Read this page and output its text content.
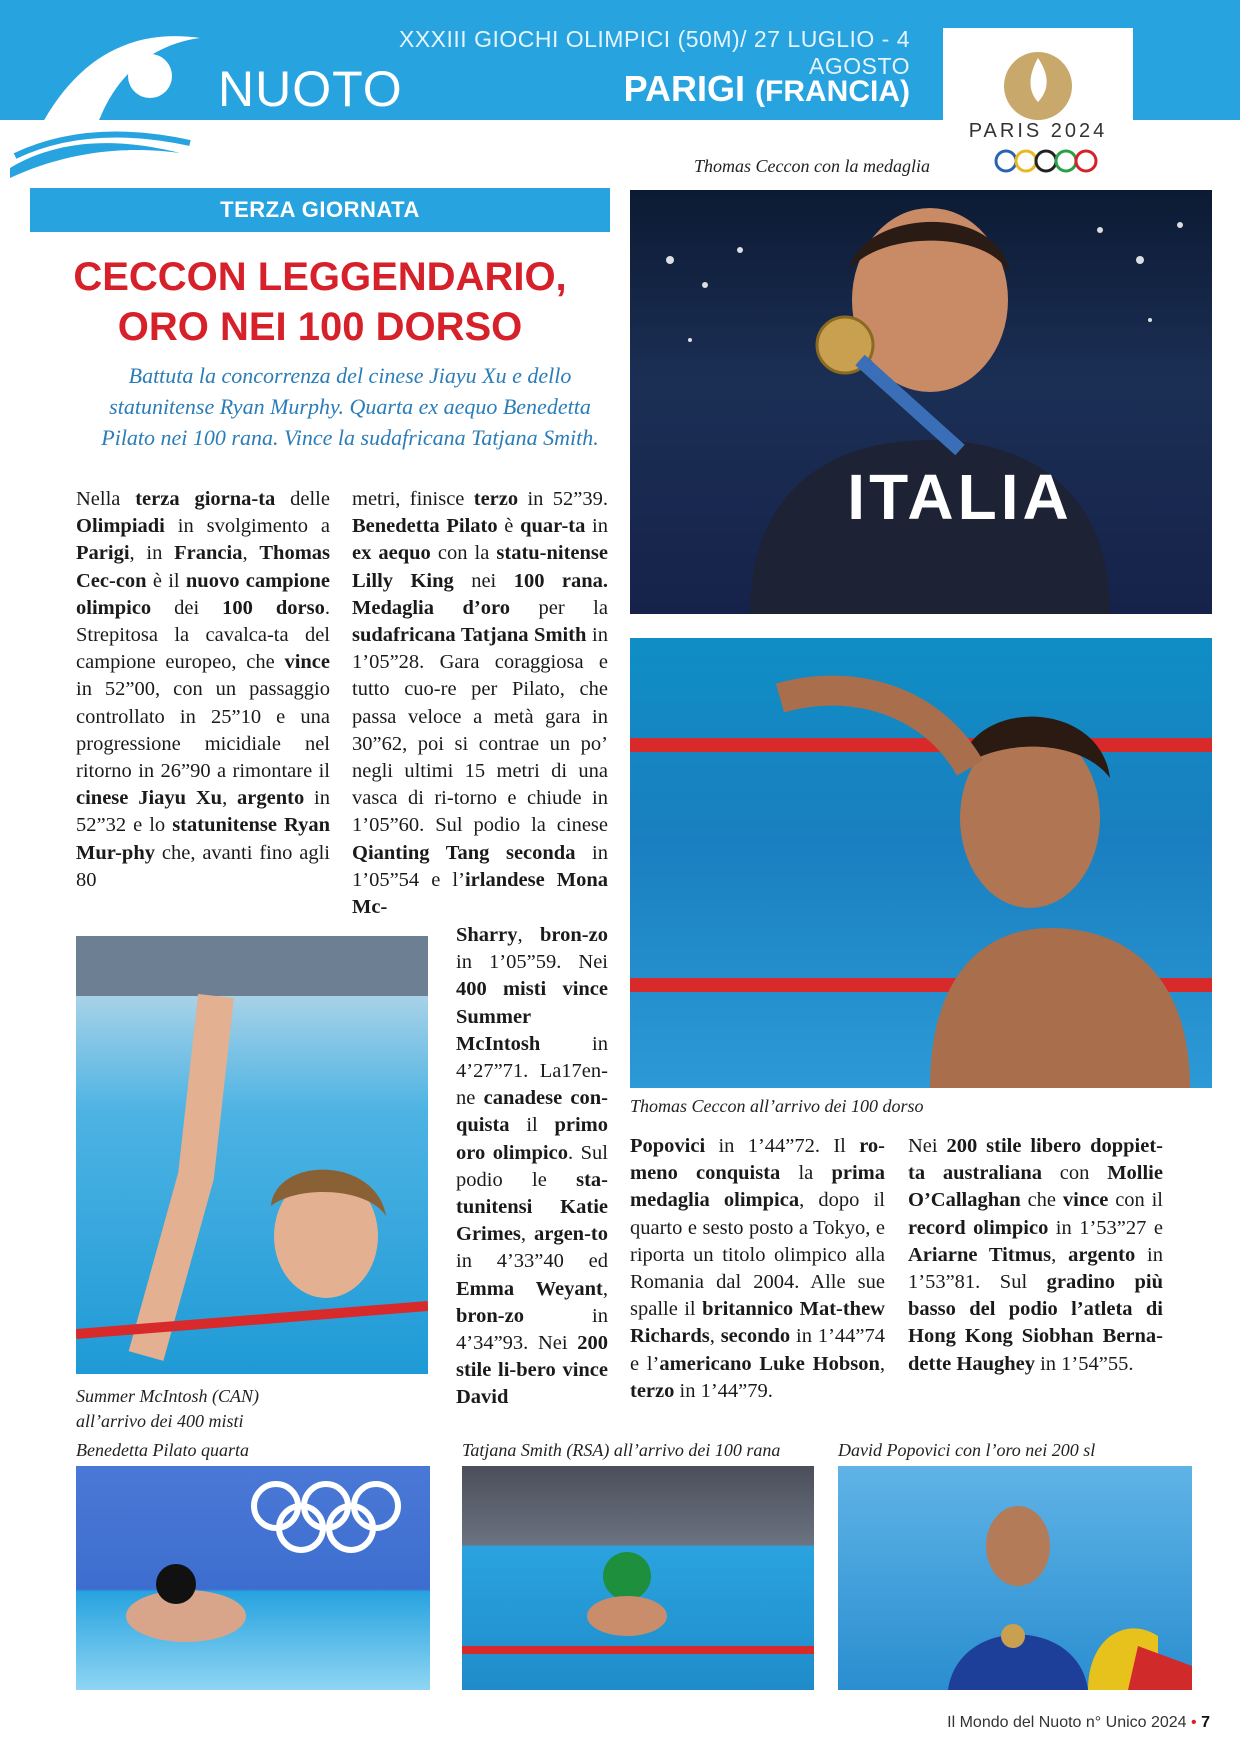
XXXIII GIOCHI OLIMPICI (50M)/ 27 LUGLIO - 4 AGOSTO
NUOTO	PARIGI (FRANCIA)
PARIS 2024
Thomas Ceccon con la medaglia
TERZA GIORNATA
CECCON LEGGENDARIO,
ORO NEI 100 DORSO
Battuta la concorrenza del cinese Jiayu Xu e dello statunitense Ryan Murphy. Quarta ex aequo Benedetta Pilato nei 100 rana. Vince la sudafricana Tatjana Smith.
Nella terza giorna-ta delle Olimpiadi in svolgimento a Parigi, in Francia, Thomas Cec-con è il nuovo campione olimpico dei 100 dorso. Strepitosa la cavalca-ta del campione europeo, che vince in 52”00, con un passaggio controllato in 25”10 e una progressione micidiale nel ritorno in 26”90 a rimontare il cinese Jiayu Xu, argento in 52”32 e lo statunitense Ryan Mur-phy che, avanti fino agli 80
metri, finisce terzo in 52”39. Benedetta Pilato è quar-ta in ex aequo con la statu-nitense Lilly King nei 100 rana. Medaglia d’oro per la sudafricana Tatjana Smith in 1’05”28. Gara coraggiosa e tutto cuo-re per Pilato, che passa veloce a metà gara in 30”62, poi si contrae un po’ negli ultimi 15 metri di una vasca di ri-torno e chiude in 1’05”60. Sul podio la cinese Qianting Tang seconda in 1’05”54 e l’irlandese Mona Mc-
Sharry, bron-zo in 1’05”59. Nei 400 misti vince Summer McIntosh in 4’27”71. La17en-ne canadese con-quista il primo oro olimpico. Sul podio le sta-tunitensi Katie Grimes, argen-to in 4’33”40 ed Emma Weyant, bron-zo in 4’34”93. Nei 200 stile li-bero vince David
Popovici in 1’44”72. Il ro-meno conquista la prima medaglia olimpica, dopo il quarto e sesto posto a Tokyo, e riporta un titolo olimpico alla Romania dal 2004. Alle sue spalle il britannico Mat-thew Richards, secondo in 1’44”74 e l’americano Luke Hobson, terzo in 1’44”79.
Nei 200 stile libero doppiet-ta australiana con Mollie O’Callaghan che vince con il record olimpico in 1’53”27 e Ariarne Titmus, argento in 1’53”81. Sul gradino più basso del podio l’atleta di Hong Kong Siobhan Berna-dette Haughey in 1’54”55.
ITALIA
Thomas Ceccon all’arrivo dei 100 dorso
Summer McIntosh (CAN)
all’arrivo dei 400 misti
Benedetta Pilato quarta	Tatjana Smith (RSA) all’arrivo dei 100 rana	David Popovici con l’oro nei 200 sl
Il Mondo del Nuoto n° Unico 2024 • 7
